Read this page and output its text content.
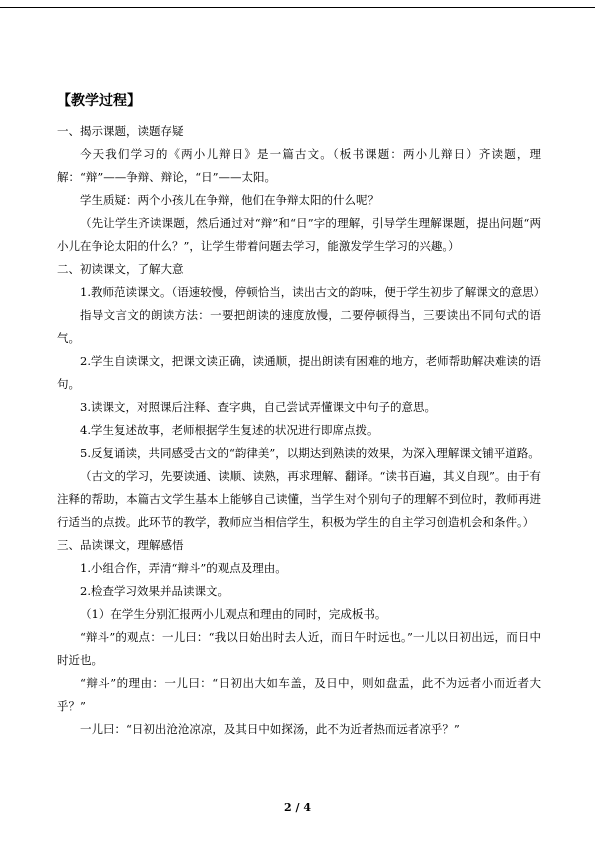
【教学过程】
一、揭示课题，读题存疑
今天我们学习的《两小儿辩日》是一篇古文。（板书课题：两小儿辩日）齐读题，理解：“辩”——争辩、辩论，“日”——太阳。
学生质疑：两个小孩儿在争辩，他们在争辩太阳的什么呢？
（先让学生齐读课题，然后通过对“辩”和“日”字的理解，引导学生理解课题，提出问题“两小儿在争论太阳的什么？”，让学生带着问题去学习，能激发学生学习的兴趣。）
二、初读课文，了解大意
1.教师范读课文。（语速较慢，停顿恰当，读出古文的韵味，便于学生初步了解课文的意思）
指导文言文的朗读方法：一要把朗读的速度放慢，二要停顿得当，三要读出不同句式的语气。
2.学生自读课文，把课文读正确，读通顺，提出朗读有困难的地方，老师帮助解决难读的语句。
3.读课文，对照课后注释、查字典，自己尝试弄懂课文中句子的意思。
4.学生复述故事，老师根据学生复述的状况进行即席点拨。
5.反复诵读，共同感受古文的“韵律美”，以期达到熟读的效果，为深入理解课文铺平道路。
（古文的学习，先要读通、读顺、读熟，再求理解、翻译。“读书百遍，其义自现”。由于有注释的帮助，本篇古文学生基本上能够自己读懂，当学生对个别句子的理解不到位时，教师再进行适当的点拨。此环节的教学，教师应当相信学生，积极为学生的自主学习创造机会和条件。）
三、品读课文，理解感悟
1.小组合作，弄清“辩斗”的观点及理由。
2.检查学习效果并品读课文。
（1）在学生分别汇报两小儿观点和理由的同时，完成板书。
“辩斗”的观点：一儿曰：“我以日始出时去人近，而日午时远也。”一儿以日初出远，而日中时近也。
“辩斗”的理由：一儿曰：“日初出大如车盖，及日中，则如盘盂，此不为远者小而近者大乎？”
一儿曰：“日初出沧沧凉凉，及其日中如探汤，此不为近者热而远者凉乎？”
2 / 4
